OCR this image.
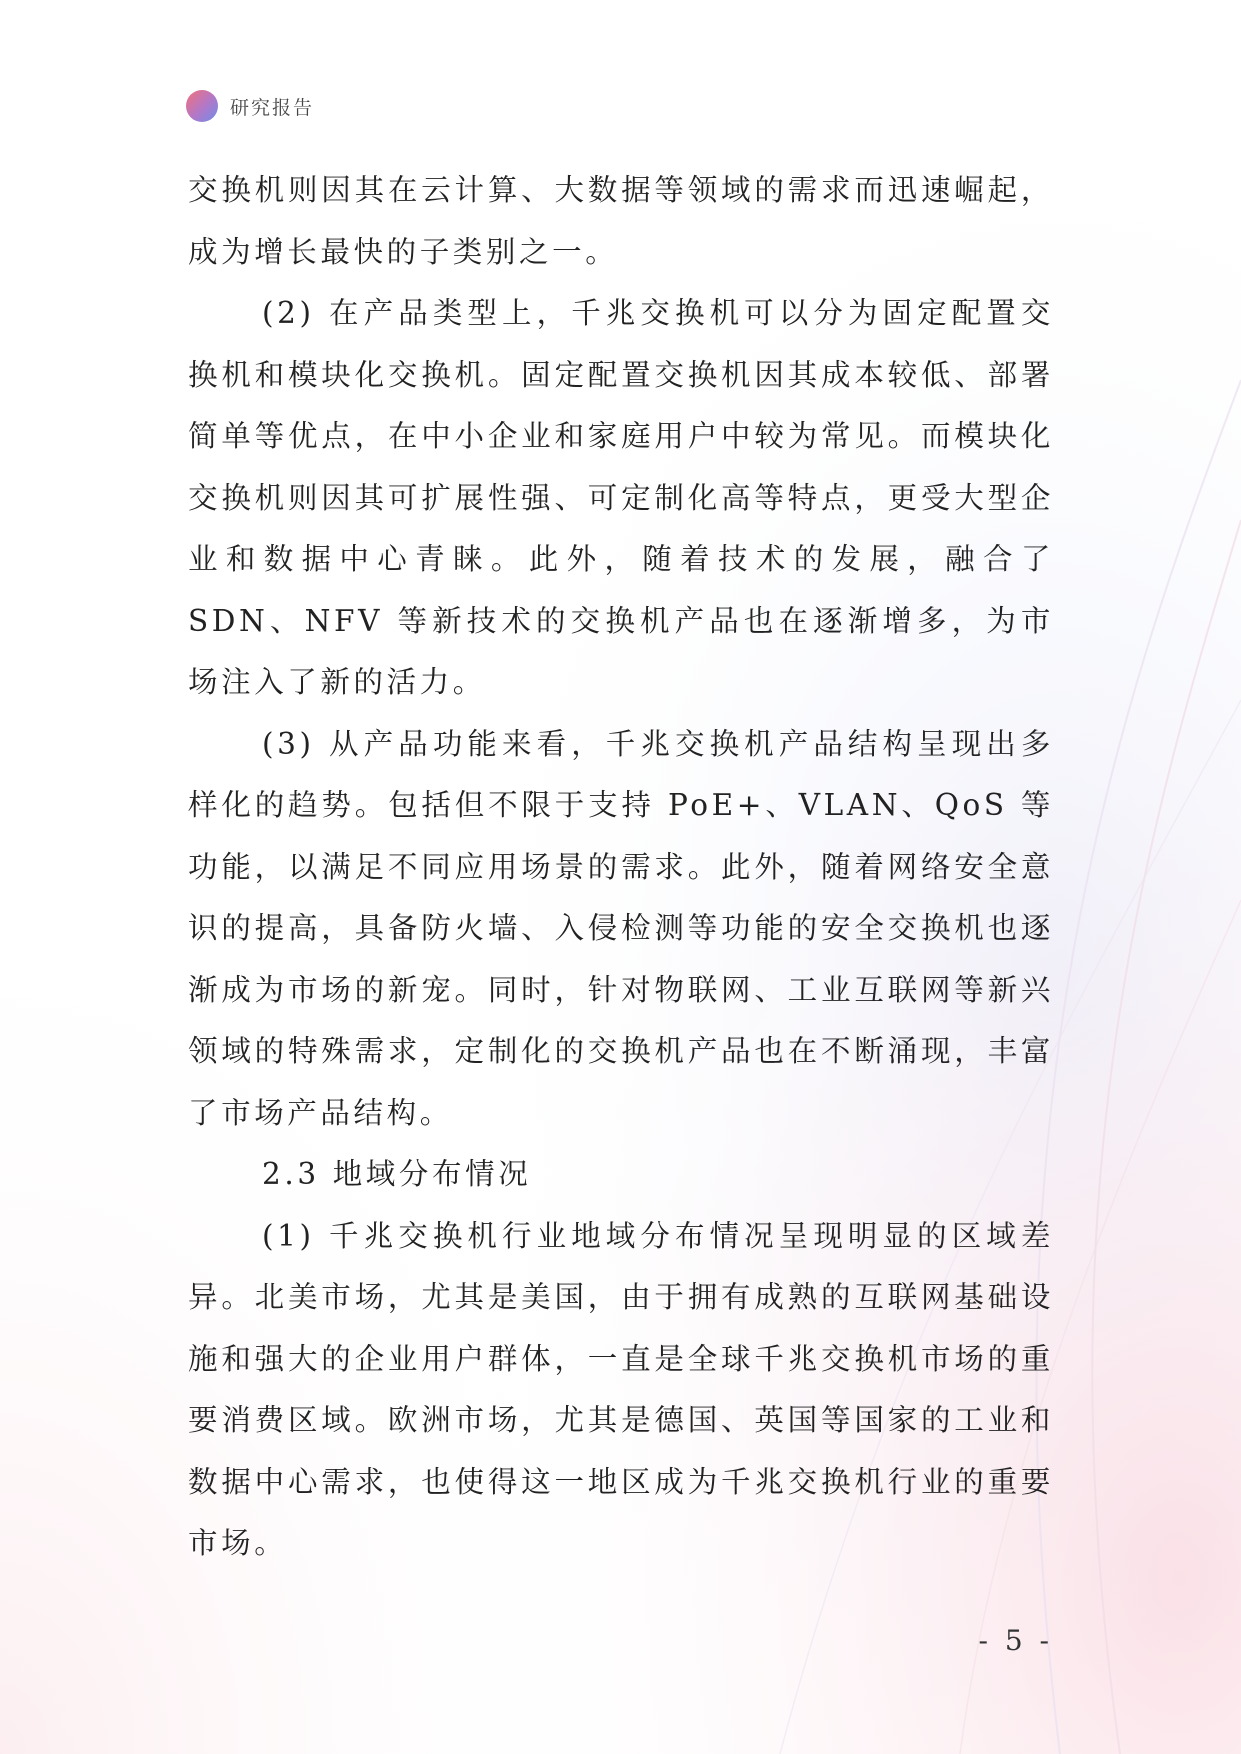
研究报告

交换机则因其在云计算、大数据等领域的需求而迅速崛起，成为增长最快的子类别之一。

(2) 在产品类型上，千兆交换机可以分为固定配置交换机和模块化交换机。固定配置交换机因其成本较低、部署简单等优点，在中小企业和家庭用户中较为常见。而模块化交换机则因其可扩展性强、可定制化高等特点，更受大型企业和数据中心青睐。此外，随着技术的发展，融合了 SDN、NFV 等新技术的交换机产品也在逐渐增多，为市场注入了新的活力。

(3) 从产品功能来看，千兆交换机产品结构呈现出多样化的趋势。包括但不限于支持 PoE+、VLAN、QoS 等功能，以满足不同应用场景的需求。此外，随着网络安全意识的提高，具备防火墙、入侵检测等功能的安全交换机也逐渐成为市场的新宠。同时，针对物联网、工业互联网等新兴领域的特殊需求，定制化的交换机产品也在不断涌现，丰富了市场产品结构。

2.3 地域分布情况

(1) 千兆交换机行业地域分布情况呈现明显的区域差异。北美市场，尤其是美国，由于拥有成熟的互联网基础设施和强大的企业用户群体，一直是全球千兆交换机市场的重要消费区域。欧洲市场，尤其是德国、英国等国家的工业和数据中心需求，也使得这一地区成为千兆交换机行业的重要市场。

- 5 -
